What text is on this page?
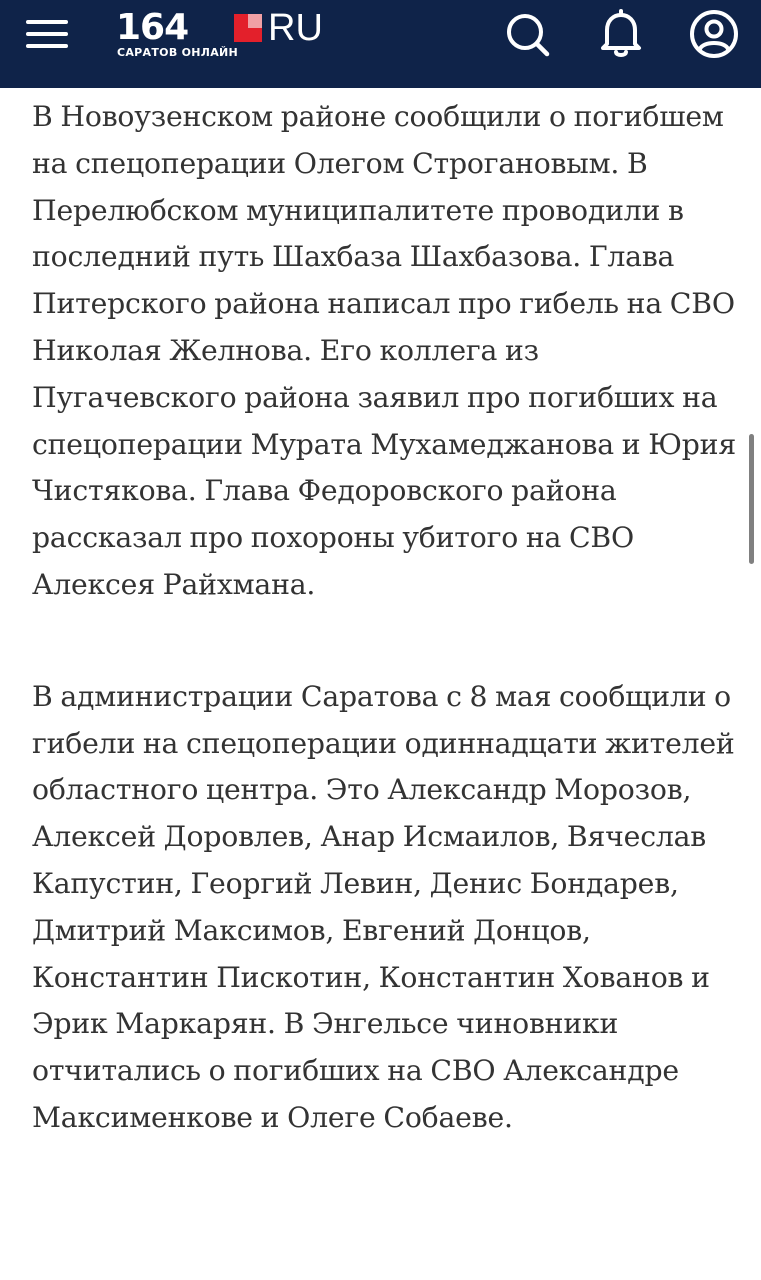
164 RU
САРАТОВ ОНЛАЙН

В Новоузенском районе сообщили о погибшем на спецоперации Олегом Строгановым. В Перелюбском муниципалитете проводили в последний путь Шахбаза Шахбазова. Глава Питерского района написал про гибель на СВО Николая Желнова. Его коллега из Пугачевского района заявил про погибших на спецоперации Мурата Мухамеджанова и Юрия Чистякова. Глава Федоровского района рассказал про похороны убитого на СВО Алексея Райхмана.

В администрации Саратова с 8 мая сообщили о гибели на спецоперации одиннадцати жителей областного центра. Это Александр Морозов, Алексей Доровлев, Анар Исмаилов, Вячеслав Капустин, Георгий Левин, Денис Бондарев, Дмитрий Максимов, Евгений Донцов, Константин Пискотин, Константин Хованов и Эрик Маркарян. В Энгельсе чиновники отчитались о погибших на СВО Александре Максименкове и Олеге Собаеве.
